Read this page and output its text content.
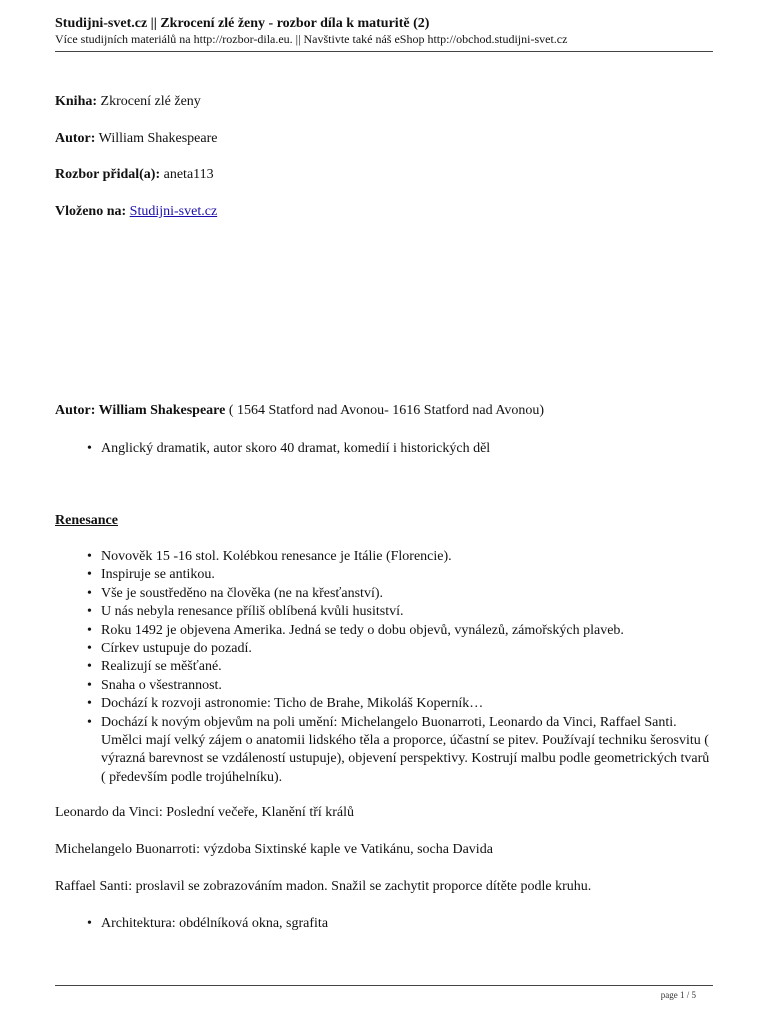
Studijni-svet.cz || Zkrocení zlé ženy - rozbor díla k maturitě (2)
Více studijních materiálů na http://rozbor-dila.eu. || Navštivte také náš eShop http://obchod.studijni-svet.cz
Kniha: Zkrocení zlé ženy
Autor: William Shakespeare
Rozbor přidal(a): aneta113
Vloženo na: Studijni-svet.cz
Autor: William Shakespeare ( 1564 Statford nad Avonou- 1616 Statford nad Avonou)
• Anglický dramatik, autor skoro 40 dramat, komedií i historických děl
Renesance
• Novověk 15 -16 stol. Kolébkou renesance je Itálie (Florencie).
• Inspiruje se antikou.
• Vše je soustředěno na člověka (ne na křesťanství).
• U nás nebyla renesance příliš oblíbená kvůli husitství.
• Roku 1492 je objevena Amerika. Jedná se tedy o dobu objevů, vynálezů, zámořských plaveb.
• Církev ustupuje do pozadí.
• Realizují se měšťané.
• Snaha o všestrannost.
• Dochází k rozvoji astronomie: Ticho de Brahe, Mikoláš Koperník…
• Dochází k novým objevům na poli umění: Michelangelo Buonarroti, Leonardo da Vinci, Raffael Santi. Umělci mají velký zájem o anatomii lidského těla a proporce, účastní se pitev. Používají techniku šerosvitu ( výrazná barevnost se vzdáleností ustupuje), objevení perspektivy. Kostrují malbu podle geometrických tvarů ( především podle trojúhelníku).
Leonardo da Vinci: Poslední večeře, Klanění tří králů
Michelangelo Buonarroti: výzdoba Sixtinské kaple ve Vatikánu, socha Davida
Raffael Santi: proslavil se zobrazováním madon. Snažil se zachytit proporce dítěte podle kruhu.
• Architektura: obdélníková okna, sgrafita
page 1 / 5
